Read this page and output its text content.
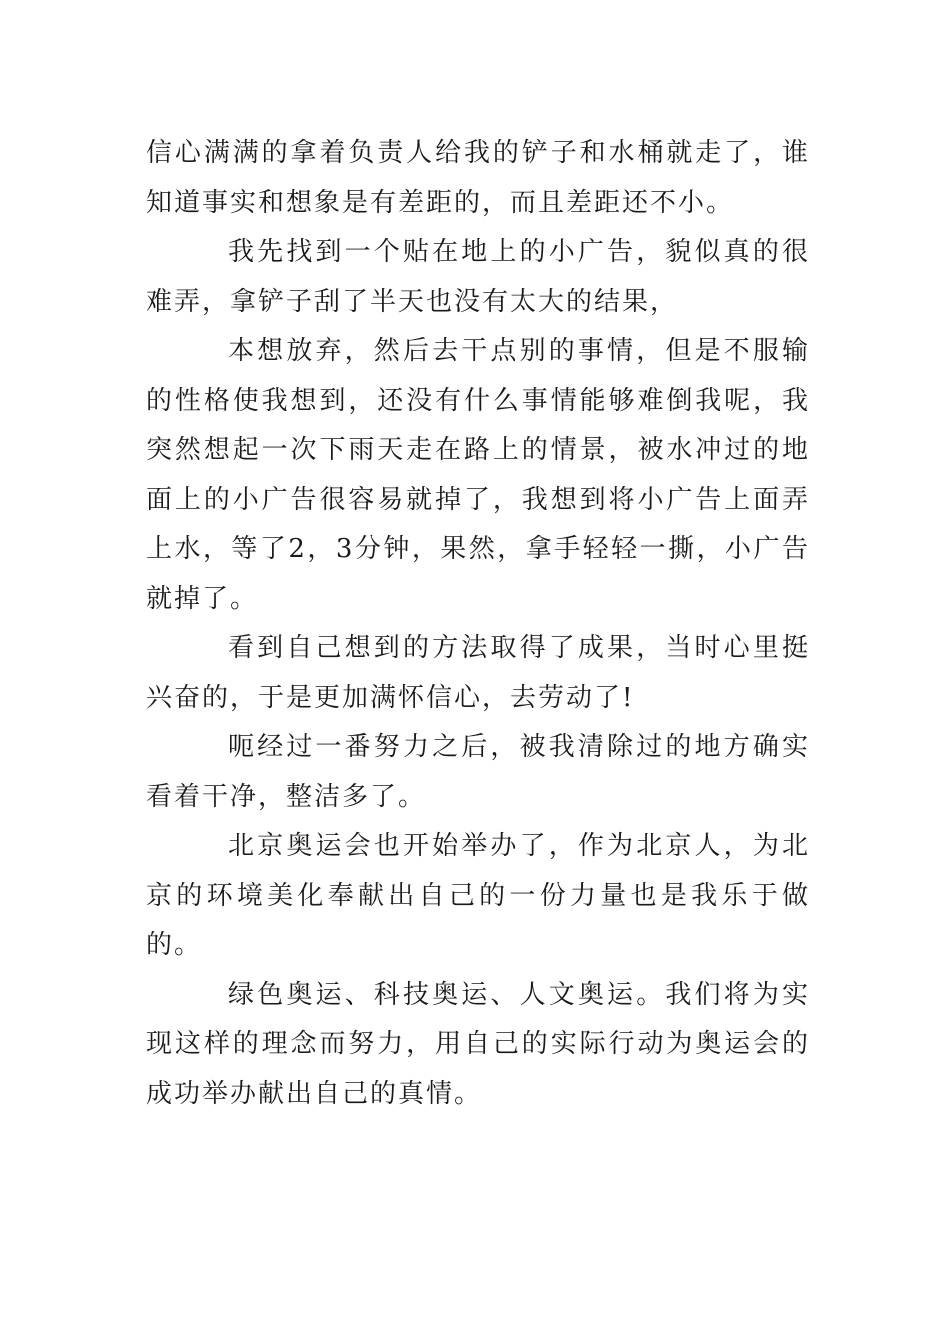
信心满满的拿着负责人给我的铲子和水桶就走了，谁知道事实和想象是有差距的，而且差距还不小。

我先找到一个贴在地上的小广告，貌似真的很难弄，拿铲子刮了半天也没有太大的结果，

本想放弃，然后去干点别的事情，但是不服输的性格使我想到，还没有什么事情能够难倒我呢，我突然想起一次下雨天走在路上的情景，被水冲过的地面上的小广告很容易就掉了，我想到将小广告上面弄上水，等了2，3分钟，果然，拿手轻轻一撕，小广告就掉了。

看到自己想到的方法取得了成果，当时心里挺兴奋的，于是更加满怀信心，去劳动了!

呃经过一番努力之后，被我清除过的地方确实看着干净，整洁多了。

北京奥运会也开始举办了，作为北京人，为北京的环境美化奉献出自己的一份力量也是我乐于做的。

绿色奥运、科技奥运、人文奥运。我们将为实现这样的理念而努力，用自己的实际行动为奥运会的成功举办献出自己的真情。
